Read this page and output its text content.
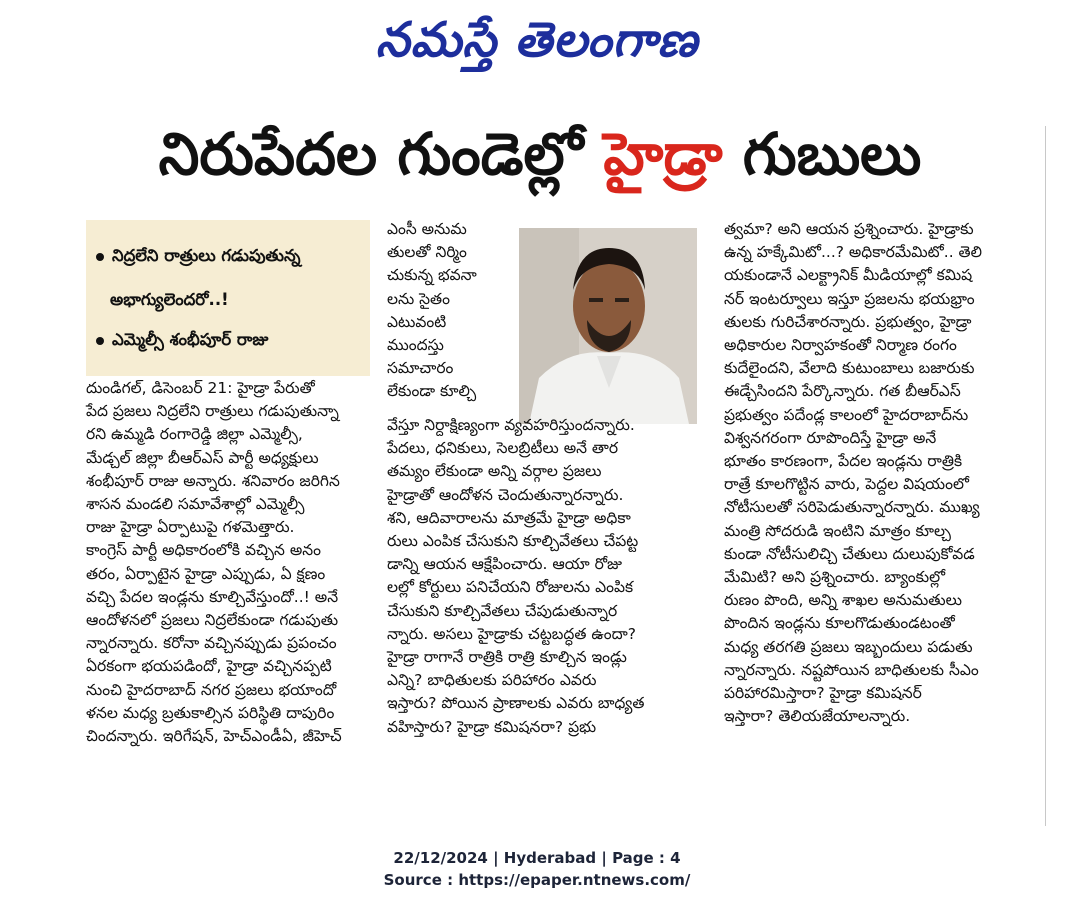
నమస్తే తెలంగాణ
నిరుపేదల గుండెల్లో హైడ్రా గుబులు
నిద్రలేని రాత్రులు గడుపుతున్న
అభాగ్యులెందరో..!
ఎమ్మెల్సీ శంభీపూర్ రాజు

దుండిగల్, డిసెంబర్ 21: హైడ్రా పేరుతో

పేద ప్రజలు నిద్రలేని రాత్రులు గడుపుతున్నా

రని ఉమ్మడి రంగారెడ్డి జిల్లా ఎమ్మెల్సీ,

మేడ్చల్ జిల్లా బీఆర్ఎస్ పార్టీ అధ్యక్షులు

శంభీపూర్ రాజు అన్నారు. శనివారం జరిగిన

శాసన మండలి సమావేశాల్లో ఎమ్మెల్సీ

రాజు హైడ్రా ఏర్పాటుపై గళమెత్తారు.

కాంగ్రెస్ పార్టీ అధికారంలోకి వచ్చిన అనం

తరం, ఏర్పాటైన హైడ్రా ఎప్పుడు, ఏ క్షణం

వచ్చి పేదల ఇండ్లను కూల్చివేస్తుందో..! అనే

ఆందోళనలో ప్రజలు నిద్రలేకుండా గడుపుతు

న్నారన్నారు. కరోనా వచ్చినప్పుడు ప్రపంచం

ఏరకంగా భయపడిందో, హైడ్రా వచ్చినప్పటి

నుంచి హైదరాబాద్ నగర ప్రజలు భయాందో

ళనల మధ్య బ్రతుకాల్సిన పరిస్థితి దాపురిం

చిందన్నారు. ఇరిగేషన్, హెచ్ఎండీఏ, జీహెచ్

ఎంసీ అనుమ

తులతో నిర్మిం

చుకున్న భవనా

లను సైతం

ఎటువంటి

ముందస్తు

సమాచారం

లేకుండా కూల్చి

వేస్తూ నిర్దాక్షిణ్యంగా వ్యవహరిస్తుందన్నారు.

పేదలు, ధనికులు, సెలబ్రిటీలు అనే తార

తమ్యం లేకుండా అన్ని వర్గాల ప్రజలు

హైడ్రాతో ఆందోళన చెందుతున్నారన్నారు.

శని, ఆదివారాలను మాత్రమే హైడ్రా అధికా

రులు ఎంపిక చేసుకుని కూల్చివేతలు చేపట్ట

డాన్ని ఆయన ఆక్షేపించారు. ఆయా రోజు

లల్లో కోర్టులు పనిచేయని రోజులను ఎంపిక

చేసుకుని కూల్చివేతలు చేపుడుతున్నార

న్నారు. అసలు హైడ్రాకు చట్టబద్ధత ఉందా?

హైడ్రా రాగానే రాత్రికి రాత్రి కూల్చిన ఇండ్లు

ఎన్ని? బాధితులకు పరిహారం ఎవరు

ఇస్తారు? పోయిన ప్రాణాలకు ఎవరు బాధ్యత

వహిస్తారు? హైడ్రా కమిషనరా? ప్రభు

త్వమా? అని ఆయన ప్రశ్నించారు. హైడ్రాకు

ఉన్న హక్కేమిటో...? అధికారమేమిటో.. తెలి

యకుండానే ఎలక్ట్రానిక్ మీడియాల్లో కమిష

నర్ ఇంటర్వూలు ఇస్తూ ప్రజలను భయభ్రాం

తులకు గురిచేశారన్నారు. ప్రభుత్వం, హైడ్రా

అధికారుల నిర్వాహకంతో నిర్మాణ రంగం

కుదేలైందని, వేలాది కుటుంబాలు బజారుకు

ఈడ్చేసిందని పేర్కొన్నారు. గత బీఆర్ఎస్

ప్రభుత్వం పదేండ్ల కాలంలో హైదరాబాద్‌ను

విశ్వనగరంగా రూపొందిస్తే హైడ్రా అనే

భూతం కారణంగా, పేదల ఇండ్లను రాత్రికి

రాత్రే కూలగొట్టిన వారు, పెద్దల విషయంలో

నోటీసులతో సరిపెడుతున్నారన్నారు. ముఖ్య

మంత్రి సోదరుడి ఇంటిని మాత్రం కూల్చ

కుండా నోటీసులిచ్చి చేతులు దులుపుకోవడ

మేమిటి? అని ప్రశ్నించారు. బ్యాంకుల్లో

రుణం పొంది, అన్ని శాఖల అనుమతులు

పొందిన ఇండ్లను కూలగొడుతుండటంతో

మధ్య తరగతి ప్రజలు ఇబ్బందులు పడుతు

న్నారన్నారు. నష్టపోయిన బాధితులకు సీఎం

పరిహారమిస్తారా? హైడ్రా కమిషనర్

ఇస్తారా? తెలియజేయాలన్నారు.

22/12/2024 | Hyderabad | Page : 4
Source : https://epaper.ntnews.com/
